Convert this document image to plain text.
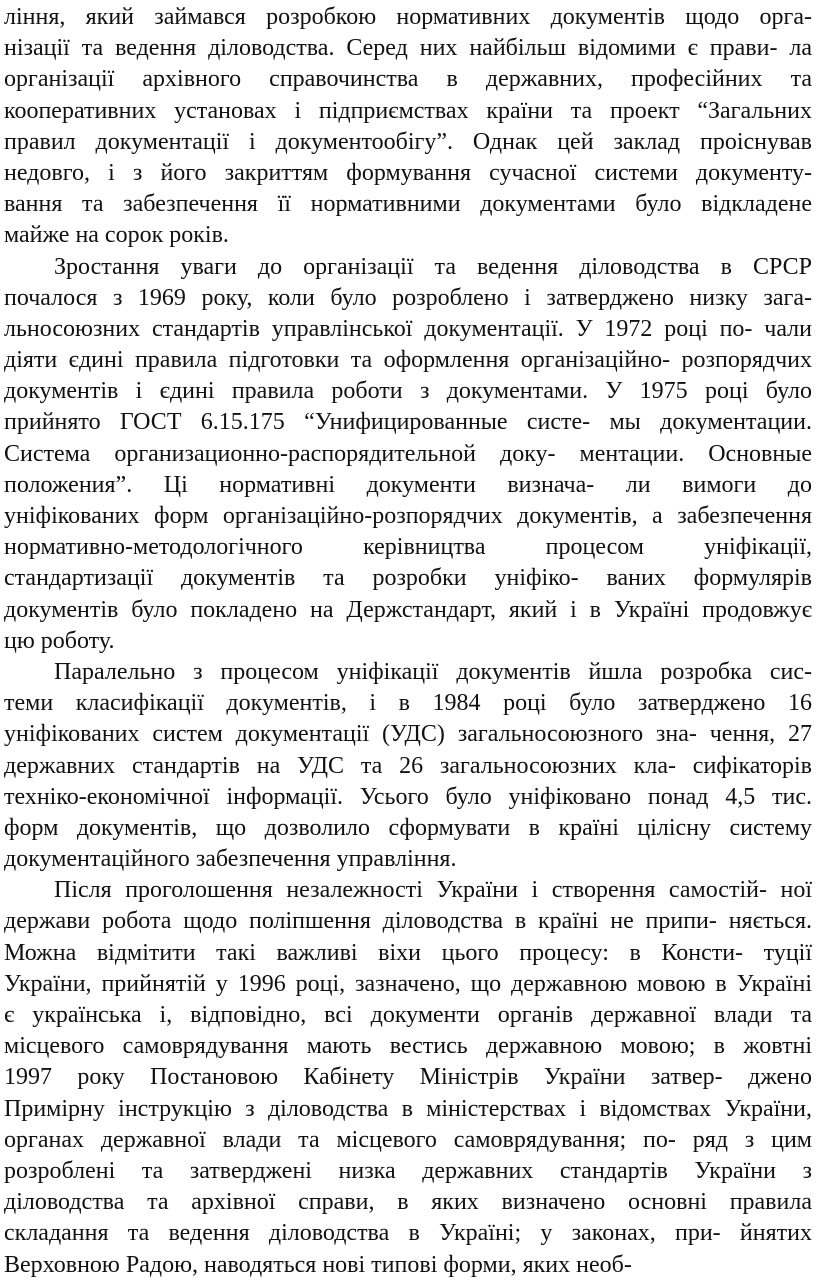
ління, який займався розробкою нормативних документів щодо орга-
нізації та ведення діловодства. Серед них найбільш відомими є прави- ла
організації архівного справочинства в державних, професійних та
кооперативних установах і підприємствах країни та проект “Загальних
правил документації і документообігу”. Однак цей заклад проіснував
недовго, і з його закриттям формування сучасної системи документу-
вання та забезпечення її нормативними документами було відкладене
майже на сорок років.
Зростання уваги до організації та ведення діловодства в СРСР
почалося з 1969 року, коли було розроблено і затверджено низку зага-
льносоюзних стандартів управлінської документації. У 1972 році по- чали
діяти єдині правила підготовки та оформлення організаційно- розпорядчих
документів і єдині правила роботи з документами. У 1975 році було
прийнято ГОСТ 6.15.175 “Унифицированные систе- мы документации.
Система организационно-распорядительной доку- ментации. Основные
положения”. Ці нормативні документи визнача- ли вимоги до
уніфікованих форм організаційно-розпорядчих документів, а забезпечення
нормативно-методологічного керівництва процесом уніфікації,
стандартизації документів та розробки уніфіко- ваних формулярів
документів було покладено на Держстандарт, який і в Україні продовжує
цю роботу.
Паралельно з процесом уніфікації документів йшла розробка сис-
теми класифікації документів, і в 1984 році було затверджено 16
уніфікованих систем документації (УДС) загальносоюзного зна- чення, 27
державних стандартів на УДС та 26 загальносоюзних кла- сифікаторів
техніко-економічної інформації. Усього було уніфіковано понад 4,5 тис.
форм документів, що дозволило сформувати в країні цілісну систему
документаційного забезпечення управління.
Після проголошення незалежності України і створення самостій- ної
держави робота щодо поліпшення діловодства в країні не припи- няється.
Можна відмітити такі важливі віхи цього процесу: в Консти- туції
України, прийнятій у 1996 році, зазначено, що державною мовою в Україні
є українська і, відповідно, всі документи органів державної влади та
місцевого самоврядування мають вестись державною мовою; в жовтні
1997 року Постановою Кабінету Міністрів України затвер- джено
Примірну інструкцію з діловодства в міністерствах і відомствах України,
органах державної влади та місцевого самоврядування; по- ряд з цим
розроблені та затверджені низка державних стандартів України з
діловодства та архівної справи, в яких визначено основні правила
складання та ведення діловодства в Україні; у законах, при- йнятих
Верховною Радою, наводяться нові типові форми, яких необ-
